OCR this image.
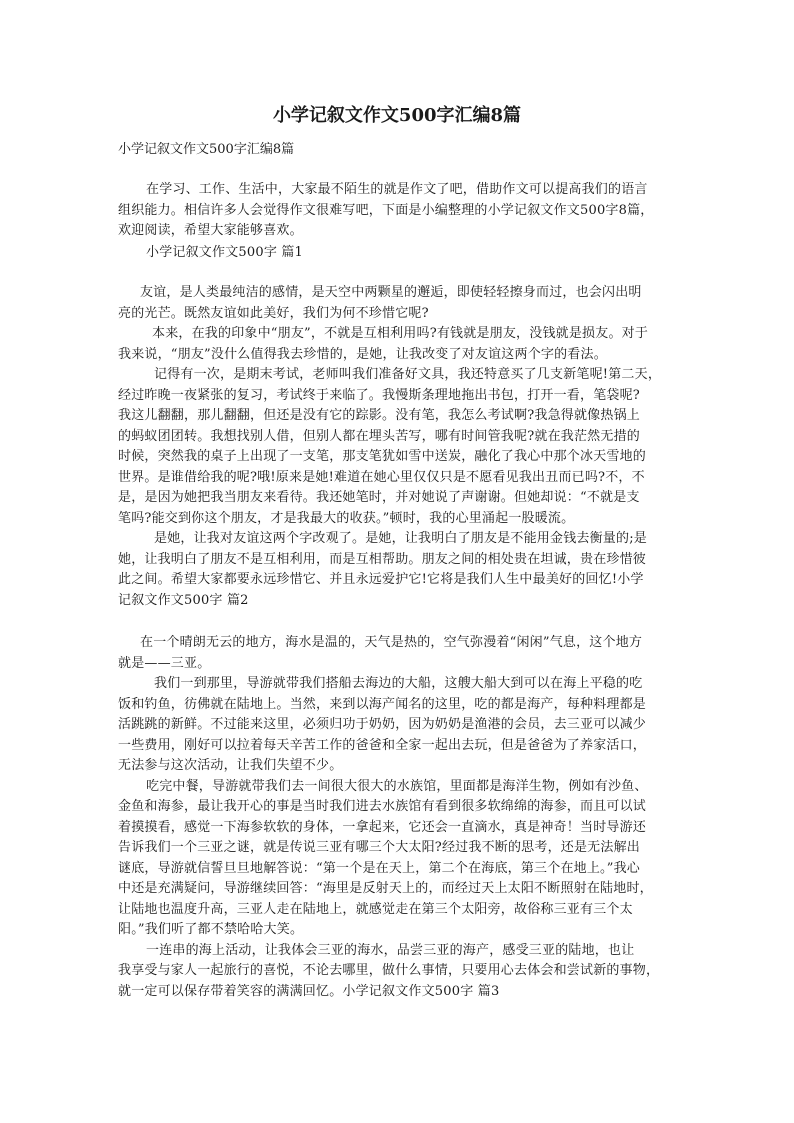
小学记叙文作文500字汇编8篇
小学记叙文作文500字汇编8篇
在学习、工作、生活中，大家最不陌生的就是作文了吧，借助作文可以提高我们的语言
组织能力。相信许多人会觉得作文很难写吧，下面是小编整理的小学记叙文作文500字8篇，
欢迎阅读，希望大家能够喜欢。
小学记叙文作文500字 篇1
友谊，是人类最纯洁的感情，是天空中两颗星的邂逅，即使轻轻擦身而过，也会闪出明
亮的光芒。既然友谊如此美好，我们为何不珍惜它呢?
本来，在我的印象中“朋友”，不就是互相利用吗?有钱就是朋友，没钱就是损友。对于
我来说，“朋友”没什么值得我去珍惜的，是她，让我改变了对友谊这两个字的看法。
记得有一次，是期末考试，老师叫我们准备好文具，我还特意买了几支新笔呢!第二天，
经过昨晚一夜紧张的复习，考试终于来临了。我慢斯条理地拖出书包，打开一看，笔袋呢?
我这儿翻翻，那儿翻翻，但还是没有它的踪影。没有笔，我怎么考试啊?我急得就像热锅上
的蚂蚁团团转。我想找别人借，但别人都在埋头苦写，哪有时间管我呢?就在我茫然无措的
时候，突然我的桌子上出现了一支笔，那支笔犹如雪中送炭，融化了我心中那个冰天雪地的
世界。是谁借给我的呢?哦!原来是她!难道在她心里仅仅只是不愿看见我出丑而已吗?不，不
是，是因为她把我当朋友来看待。我还她笔时，并对她说了声谢谢。但她却说：“不就是支
笔吗?能交到你这个朋友，才是我最大的收获。”顿时，我的心里涌起一股暖流。
是她，让我对友谊这两个字改观了。是她，让我明白了朋友是不能用金钱去衡量的;是
她，让我明白了朋友不是互相利用，而是互相帮助。朋友之间的相处贵在坦诚，贵在珍惜彼
此之间。希望大家都要永远珍惜它、并且永远爱护它!它将是我们人生中最美好的回忆!小学
记叙文作文500字 篇2
在一个晴朗无云的地方，海水是温的，天气是热的，空气弥漫着“闲闲”气息，这个地方
就是——三亚。
我们一到那里，导游就带我们搭船去海边的大船，这艘大船大到可以在海上平稳的吃
饭和钓鱼，彷佛就在陆地上。当然，来到以海产闻名的这里，吃的都是海产，每种料理都是
活跳跳的新鲜。不过能来这里，必须归功于奶奶，因为奶奶是渔港的会员，去三亚可以减少
一些费用，刚好可以拉着每天辛苦工作的爸爸和全家一起出去玩，但是爸爸为了养家活口，
无法参与这次活动，让我们失望不少。
吃完中餐，导游就带我们去一间很大很大的水族馆，里面都是海洋生物，例如有沙鱼、
金鱼和海参，最让我开心的事是当时我们进去水族馆有看到很多软绵绵的海参，而且可以试
着摸摸看，感觉一下海参软软的身体，一拿起来，它还会一直滴水，真是神奇！当时导游还
告诉我们一个三亚之谜，就是传说三亚有哪三个大太阳?经过我不断的思考，还是无法解出
谜底，导游就信誓旦旦地解答说：“第一个是在天上，第二个在海底，第三个在地上。”我心
中还是充满疑问，导游继续回答：“海里是反射天上的，而经过天上太阳不断照射在陆地时，
让陆地也温度升高，三亚人走在陆地上，就感觉走在第三个太阳旁，故俗称三亚有三个太
阳。”我们听了都不禁哈哈大笑。
一连串的海上活动，让我体会三亚的海水，品尝三亚的海产，感受三亚的陆地，也让
我享受与家人一起旅行的喜悦，不论去哪里，做什么事情，只要用心去体会和尝试新的事物，
就一定可以保存带着笑容的满满回忆。小学记叙文作文500字 篇3
